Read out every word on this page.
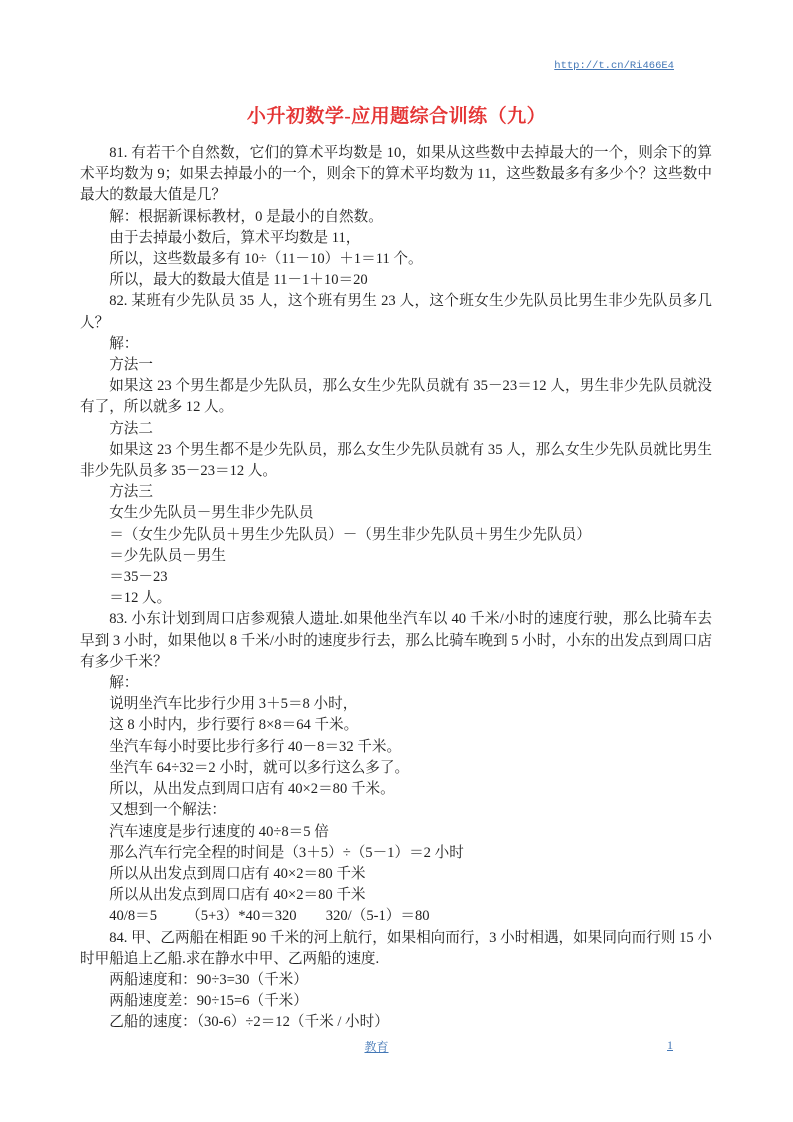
http://t.cn/Ri466E4
小升初数学-应用题综合训练（九）

81. 有若干个自然数，它们的算术平均数是 10，如果从这些数中去掉最大的一个，则余下的算术平均数为 9；如果去掉最小的一个，则余下的算术平均数为 11，这些数最多有多少个？这些数中最大的数最大值是几？

解：根据新课标教材，0 是最小的自然数。

由于去掉最小数后，算术平均数是 11，

所以，这些数最多有 10÷（11－10）＋1＝11 个。

所以，最大的数最大值是 11－1＋10＝20

82. 某班有少先队员 35 人，这个班有男生 23 人，这个班女生少先队员比男生非少先队员多几人？

解：

方法一

如果这 23 个男生都是少先队员，那么女生少先队员就有 35－23＝12 人，男生非少先队员就没有了，所以就多 12 人。

方法二

如果这 23 个男生都不是少先队员，那么女生少先队员就有 35 人，那么女生少先队员就比男生非少先队员多 35－23＝12 人。

方法三

女生少先队员－男生非少先队员

＝（女生少先队员＋男生少先队员）－（男生非少先队员＋男生少先队员）

＝少先队员－男生

＝35－23

＝12 人。

83. 小东计划到周口店参观猿人遗址.如果他坐汽车以 40 千米/小时的速度行驶，那么比骑车去早到 3 小时，如果他以 8 千米/小时的速度步行去，那么比骑车晚到 5 小时，小东的出发点到周口店有多少千米？

解：

说明坐汽车比步行少用 3＋5＝8 小时，

这 8 小时内，步行要行 8×8＝64 千米。

坐汽车每小时要比步行多行 40－8＝32 千米。

坐汽车 64÷32＝2 小时，就可以多行这么多了。

所以，从出发点到周口店有 40×2＝80 千米。

又想到一个解法：

汽车速度是步行速度的 40÷8＝5 倍

那么汽车行完全程的时间是（3＋5）÷（5－1）＝2 小时

所以从出发点到周口店有 40×2＝80 千米

所以从出发点到周口店有 40×2＝80 千米

40/8＝5        （5+3）*40＝320        320/（5-1）＝80

84. 甲、乙两船在相距 90 千米的河上航行，如果相向而行，3 小时相遇，如果同向而行则 15 小时甲船追上乙船.求在静水中甲、乙两船的速度.

两船速度和：90÷3=30（千米）

两船速度差：90÷15=6（千米）

乙船的速度：（30-6）÷2＝12（千米 / 小时）

教育	1
